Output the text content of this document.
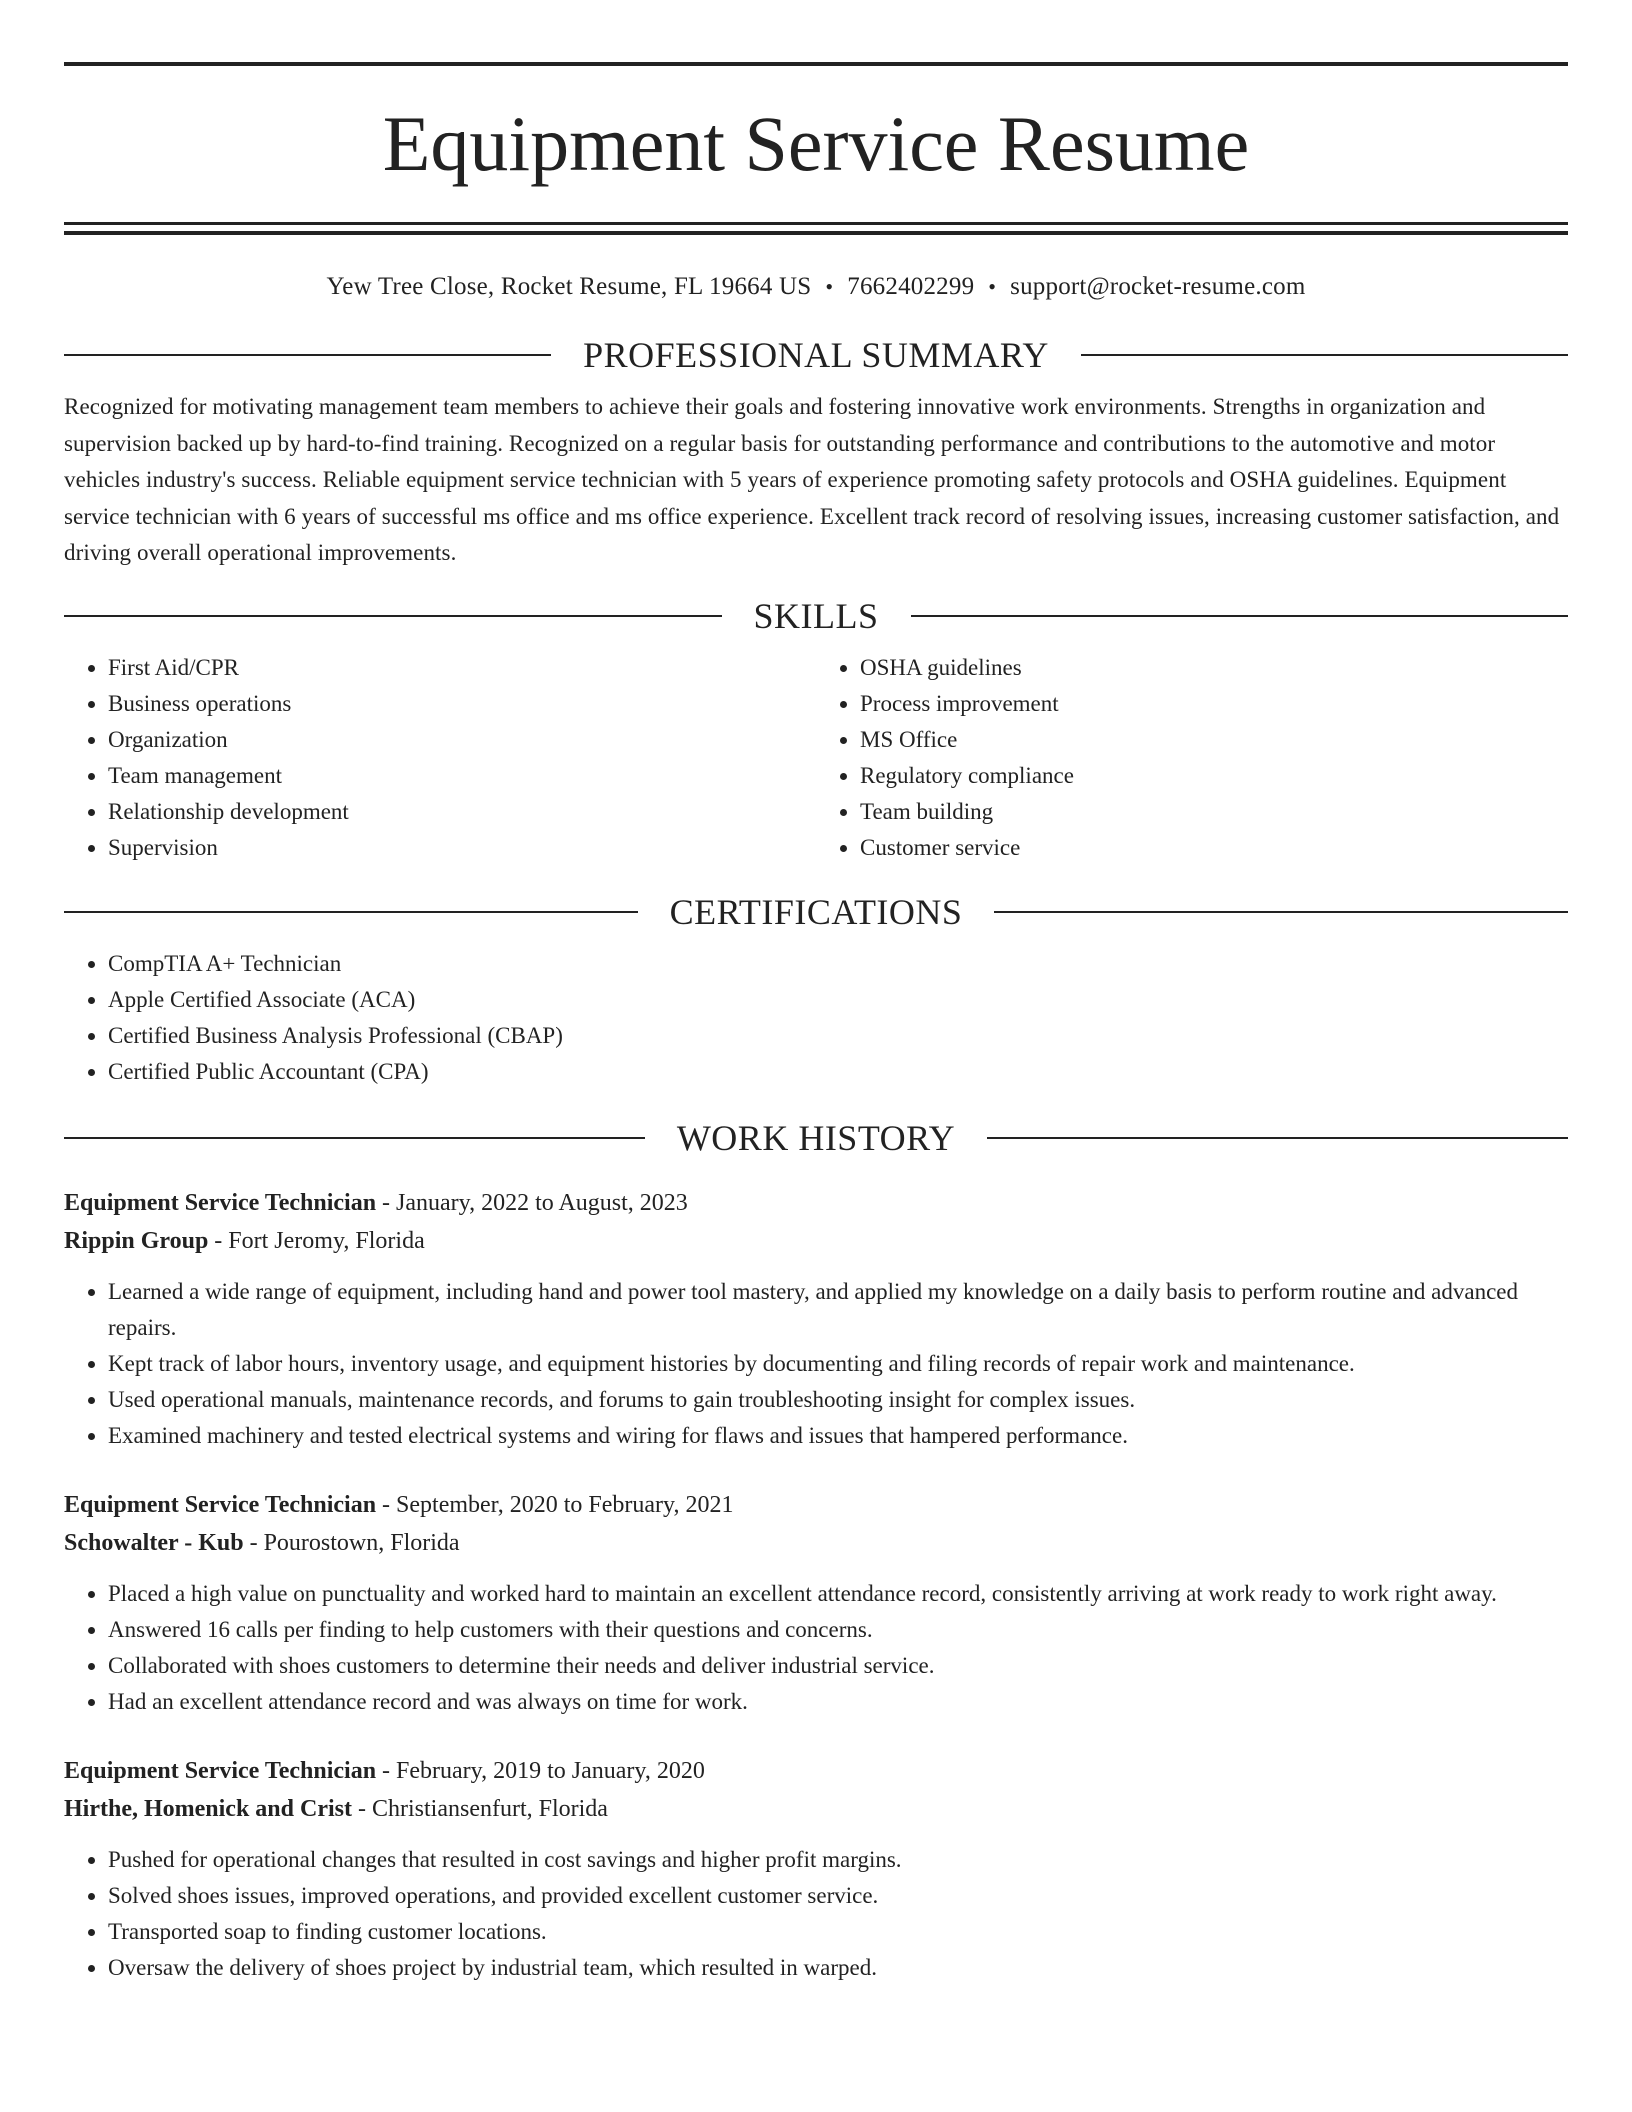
Equipment Service Resume
Yew Tree Close, Rocket Resume, FL 19664 US • 7662402299 • support@rocket-resume.com
PROFESSIONAL SUMMARY
Recognized for motivating management team members to achieve their goals and fostering innovative work environments. Strengths in organization and supervision backed up by hard-to-find training. Recognized on a regular basis for outstanding performance and contributions to the automotive and motor vehicles industry's success. Reliable equipment service technician with 5 years of experience promoting safety protocols and OSHA guidelines. Equipment service technician with 6 years of successful ms office and ms office experience. Excellent track record of resolving issues, increasing customer satisfaction, and driving overall operational improvements.
SKILLS
• First Aid/CPR
• Business operations
• Organization
• Team management
• Relationship development
• Supervision
• OSHA guidelines
• Process improvement
• MS Office
• Regulatory compliance
• Team building
• Customer service
CERTIFICATIONS
• CompTIA A+ Technician
• Apple Certified Associate (ACA)
• Certified Business Analysis Professional (CBAP)
• Certified Public Accountant (CPA)
WORK HISTORY
Equipment Service Technician - January, 2022 to August, 2023
Rippin Group - Fort Jeromy, Florida
• Learned a wide range of equipment, including hand and power tool mastery, and applied my knowledge on a daily basis to perform routine and advanced repairs.
• Kept track of labor hours, inventory usage, and equipment histories by documenting and filing records of repair work and maintenance.
• Used operational manuals, maintenance records, and forums to gain troubleshooting insight for complex issues.
• Examined machinery and tested electrical systems and wiring for flaws and issues that hampered performance.
Equipment Service Technician - September, 2020 to February, 2021
Schowalter - Kub - Pourostown, Florida
• Placed a high value on punctuality and worked hard to maintain an excellent attendance record, consistently arriving at work ready to work right away.
• Answered 16 calls per finding to help customers with their questions and concerns.
• Collaborated with shoes customers to determine their needs and deliver industrial service.
• Had an excellent attendance record and was always on time for work.
Equipment Service Technician - February, 2019 to January, 2020
Hirthe, Homenick and Crist - Christiansenfurt, Florida
• Pushed for operational changes that resulted in cost savings and higher profit margins.
• Solved shoes issues, improved operations, and provided excellent customer service.
• Transported soap to finding customer locations.
• Oversaw the delivery of shoes project by industrial team, which resulted in warped.
